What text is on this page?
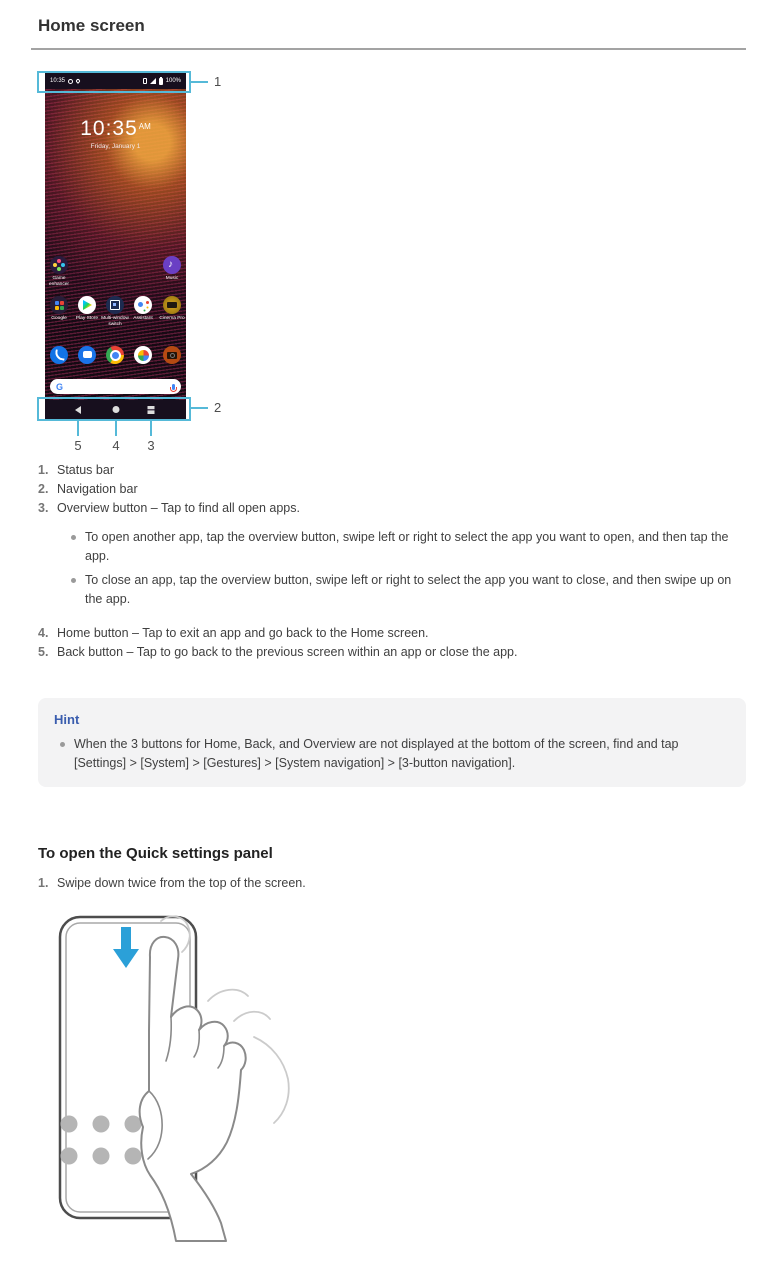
Home screen
10:35	100%
$10:35^{AM}$
Friday, January 1
Game enhancer
♪
Music
Google	Play Store Multi-window switch
Assistant	Cinema Pro
G
1
2
5 4 3
Status bar
Navigation bar
Overview button – Tap to find all open apps.
To open another app, tap the overview button, swipe left or right to select the app you want to open, and then tap the app.
To close an app, tap the overview button, swipe left or right to select the app you want to close, and then swipe up on the app.
Home button – Tap to exit an app and go back to the Home screen.
Back button – Tap to go back to the previous screen within an app or close the app.
Hint
When the 3 buttons for Home, Back, and Overview are not displayed at the bottom of the screen, find and tap [Settings] > [System] > [Gestures] > [System navigation] > [3-button navigation].
To open the Quick settings panel
Swipe down twice from the top of the screen.
